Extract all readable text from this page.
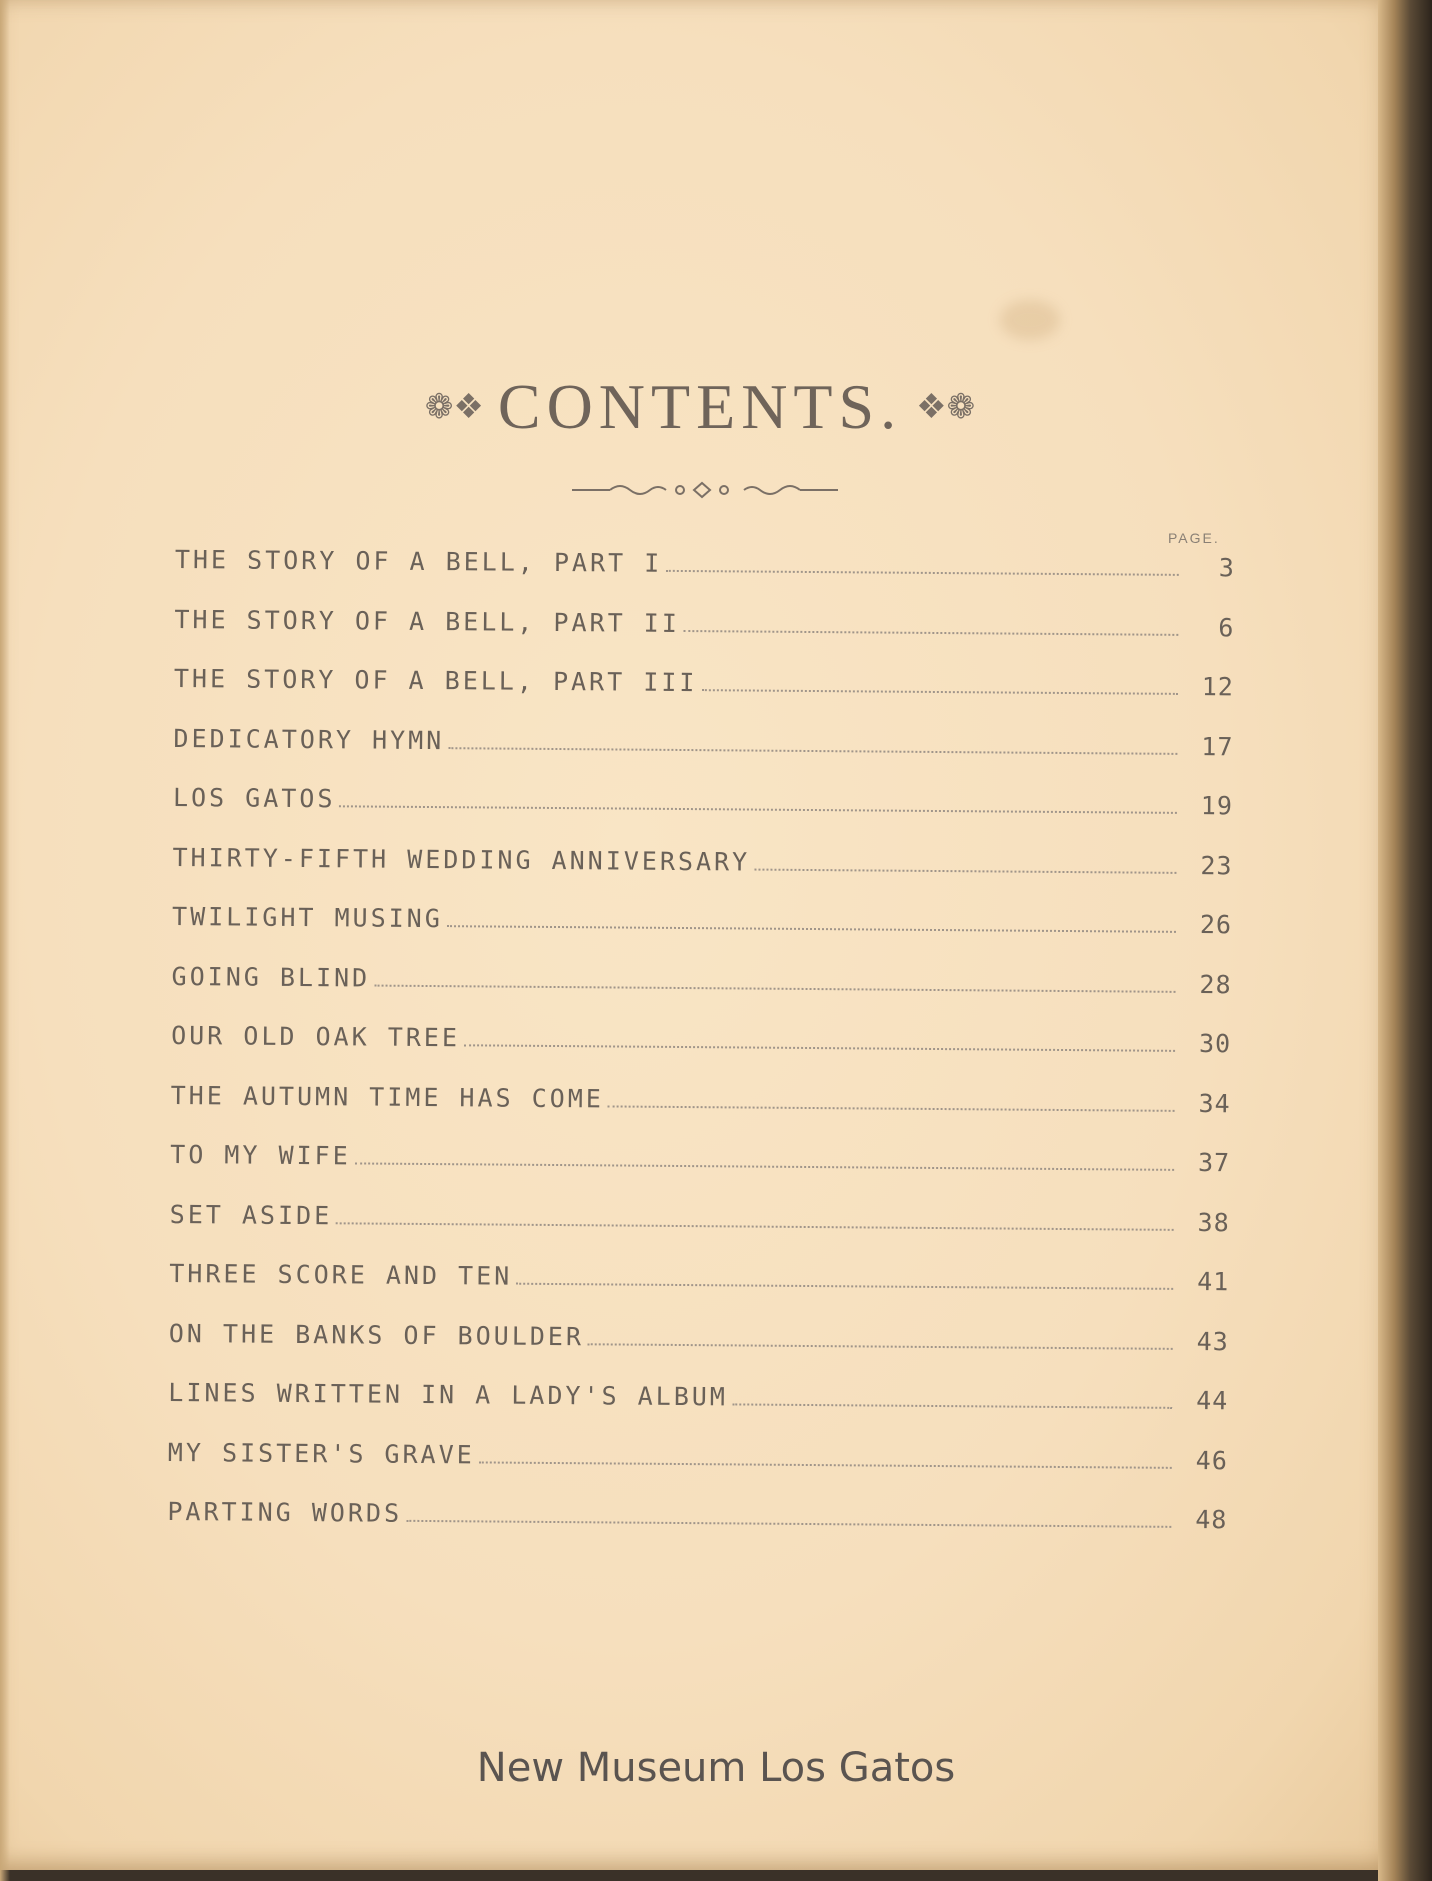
❁❖ CONTENTS. ❖❁
PAGE.
THE STORY OF A BELL, PART I	3
THE STORY OF A BELL, PART II	6
THE STORY OF A BELL, PART III	12
DEDICATORY HYMN	17
LOS GATOS	19
THIRTY-FIFTH WEDDING ANNIVERSARY	23
TWILIGHT MUSING	26
GOING BLIND	28
OUR OLD OAK TREE	30
THE AUTUMN TIME HAS COME	34
TO MY WIFE	37
SET ASIDE	38
THREE SCORE AND TEN	41
ON THE BANKS OF BOULDER	43
LINES WRITTEN IN A LADY'S ALBUM	44
MY SISTER'S GRAVE	46
PARTING WORDS	48
New Museum Los Gatos
